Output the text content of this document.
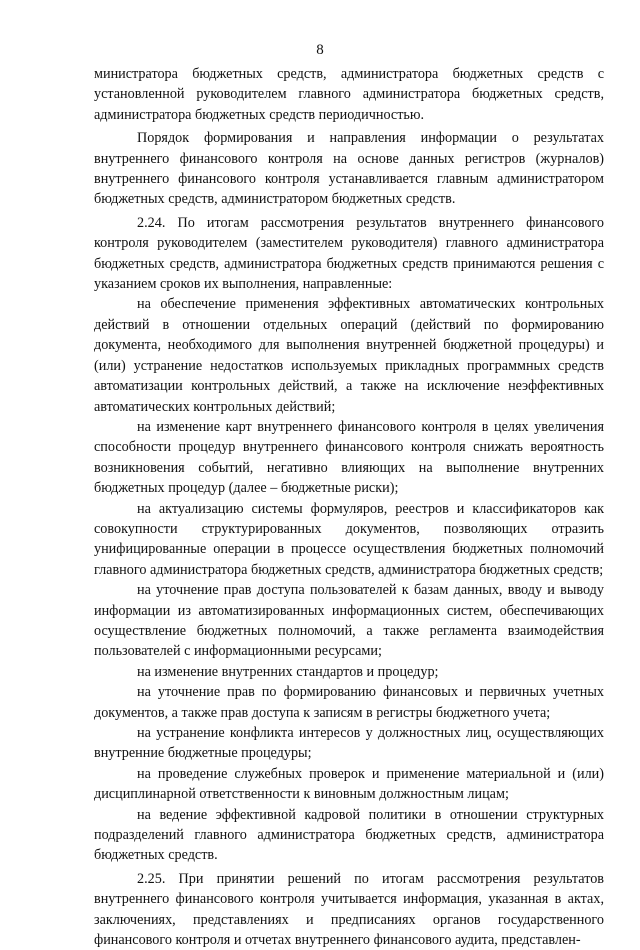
8

министратора бюджетных средств, администратора бюджетных средств с установленной руководителем главного администратора бюджетных средств, администратора бюджетных средств периодичностью.

Порядок формирования и направления информации о результатах внутреннего финансового контроля на основе данных регистров (журналов) внутреннего финансового контроля устанавливается главным администратором бюджетных средств, администратором бюджетных средств.

2.24. По итогам рассмотрения результатов внутреннего финансового контроля руководителем (заместителем руководителя) главного администратора бюджетных средств, администратора бюджетных средств принимаются решения с указанием сроков их выполнения, направленные:

на обеспечение применения эффективных автоматических контрольных действий в отношении отдельных операций (действий по формированию документа, необходимого для выполнения внутренней бюджетной процедуры) и (или) устранение недостатков используемых прикладных программных средств автоматизации контрольных действий, а также на исключение неэффективных автоматических контрольных действий;

на изменение карт внутреннего финансового контроля в целях увеличения способности процедур внутреннего финансового контроля снижать вероятность возникновения событий, негативно влияющих на выполнение внутренних бюджетных процедур (далее – бюджетные риски);

на актуализацию системы формуляров, реестров и классификаторов как совокупности структурированных документов, позволяющих отразить унифицированные операции в процессе осуществления бюджетных полномочий главного администратора бюджетных средств, администратора бюджетных средств;

на уточнение прав доступа пользователей к базам данных, вводу и выводу информации из автоматизированных информационных систем, обеспечивающих осуществление бюджетных полномочий, а также регламента взаимодействия пользователей с информационными ресурсами;

на изменение внутренних стандартов и процедур;

на уточнение прав по формированию финансовых и первичных учетных документов, а также прав доступа к записям в регистры бюджетного учета;

на устранение конфликта интересов у должностных лиц, осуществляющих внутренние бюджетные процедуры;

на проведение служебных проверок и применение материальной и (или) дисциплинарной ответственности к виновным должностным лицам;

на ведение эффективной кадровой политики в отношении структурных подразделений главного администратора бюджетных средств, администратора бюджетных средств.

2.25. При принятии решений по итогам рассмотрения результатов внутреннего финансового контроля учитывается информация, указанная в актах, заключениях, представлениях и предписаниях органов государственного финансового контроля и отчетах внутреннего финансового аудита, представлен-
